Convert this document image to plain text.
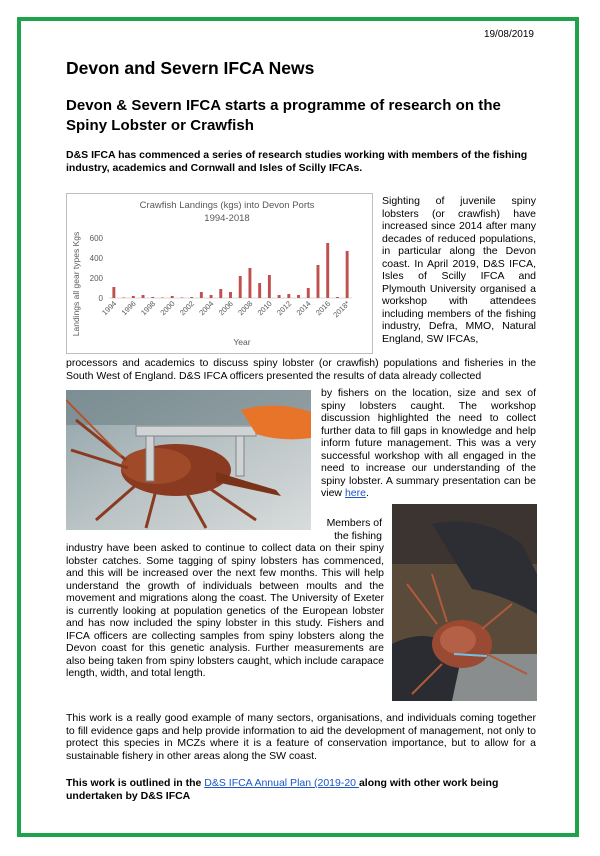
19/08/2019
Devon and Severn IFCA News
Devon & Severn IFCA starts a programme of research on the Spiny Lobster or Crawfish
D&S IFCA has commenced a series of research studies working with members of the fishing industry, academics and Cornwall and Isles of Scilly IFCAs.
Crawfish Landings (kgs) into Devon Ports
1994-2018
Landings all gear types Kgs
Year
0
200
400
600
1994 1996 1998 2000 2002 2004 2006 2008 2010 2012 2014 2016 2018*
Sighting of juvenile spiny lobsters (or crawfish) have increased since 2014 after many decades of reduced populations, in particular along the Devon coast. In April 2019, D&S IFCA, Isles of Scilly IFCA and Plymouth University organised a workshop with attendees including members of the fishing industry, Defra, MMO, Natural England, SW IFCAs,
processors and academics to discuss spiny lobster (or crawfish) populations and fisheries in the South West of England. D&S IFCA officers presented the results of data already collected
by fishers on the location, size and sex of spiny lobsters caught. The workshop discussion highlighted the need to collect further data to fill gaps in knowledge and help inform future management. This was a very successful workshop with all engaged in the need to increase our understanding of the spiny lobster. A summary presentation can be view here.
Members of the fishing
industry have been asked to continue to collect data on their spiny lobster catches. Some tagging of spiny lobsters has commenced, and this will be increased over the next few months. This will help understand the growth of individuals between moults and the movement and migrations along the coast. The University of Exeter is currently looking at population genetics of the European lobster and has now included the spiny lobster in this study. Fishers and IFCA officers are collecting samples from spiny lobsters along the Devon coast for this genetic analysis. Further measurements are also being taken from spiny lobsters caught, which include carapace length, width, and total length.
This work is a really good example of many sectors, organisations, and individuals coming together to fill evidence gaps and help provide information to aid the development of management, not only to protect this species in MCZs where it is a feature of conservation importance, but to allow for a sustainable fishery in other areas along the SW coast.
This work is outlined in the D&S IFCA Annual Plan (2019-20 along with other work being undertaken by D&S IFCA
